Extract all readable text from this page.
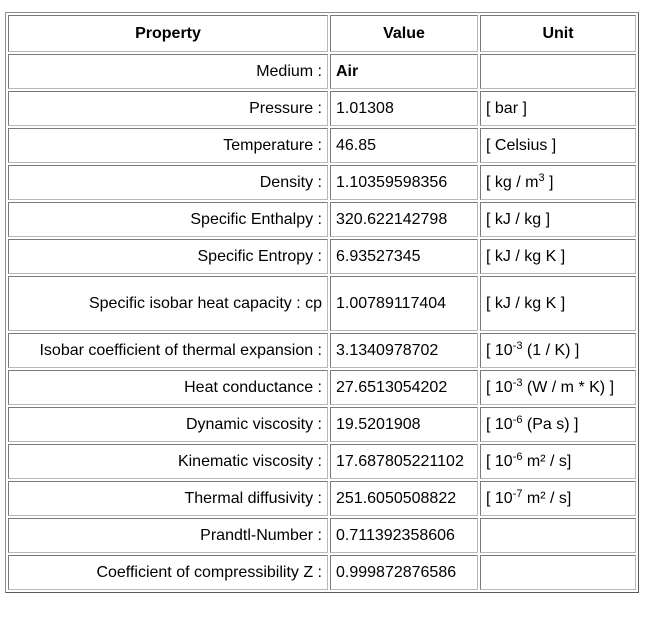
Property	Value	Unit
Medium :	Air	
Pressure :	1.01308	[ bar ]
Temperature :	46.85	[ Celsius ]
Density :	1.10359598356	[ kg / $m^3$ ]
Specific Enthalpy :	320.622142798	[ kJ / kg ]
Specific Entropy :	6.93527345	[ kJ / kg K ]
Specific isobar heat capacity : cp	1.00789117404	[ kJ / kg K ]
Isobar coefficient of thermal expansion :	3.1340978702	[ $10^{-3}$ (1 / K) ]
Heat conductance :	27.6513054202	[ $10^{-3}$ (W / m * K) ]
Dynamic viscosity :	19.5201908	[ $10^{-6}$ (Pa s) ]
Kinematic viscosity :	17.687805221102	[ $10^{-6}$ m² / s]
Thermal diffusivity :	251.6050508822	[ $10^{-7}$ m² / s]
Prandtl-Number :	0.711392358606	
Coefficient of compressibility Z :	0.999872876586	
